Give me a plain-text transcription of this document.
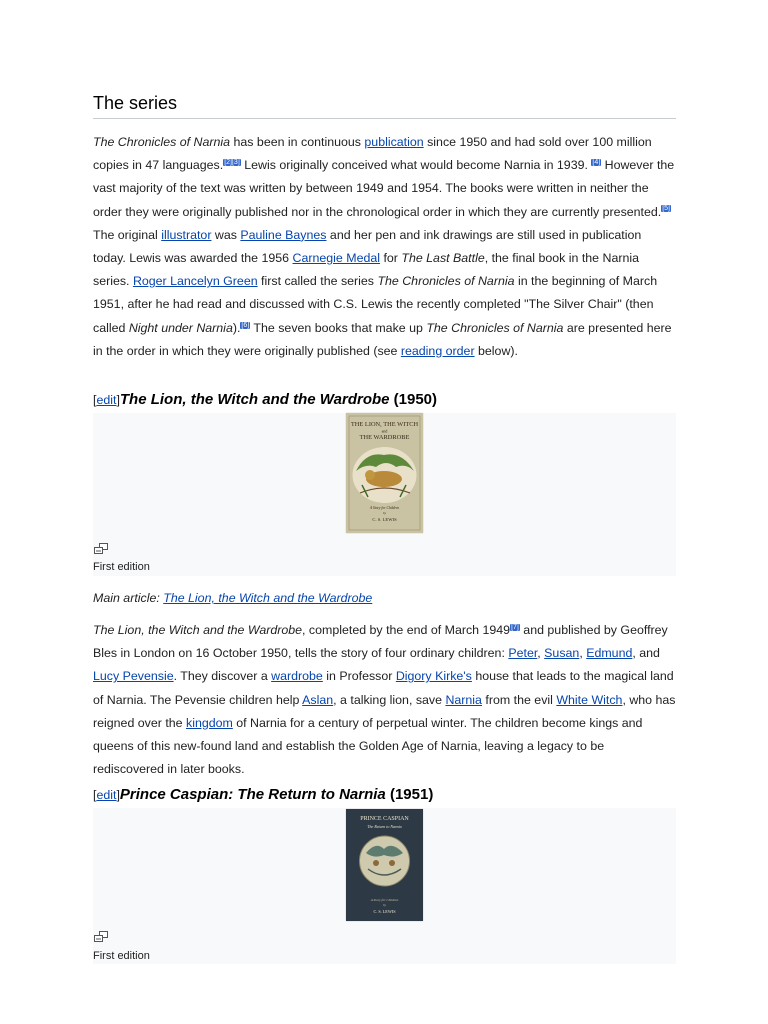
The series

The Chronicles of Narnia has been in continuous publication since 1950 and had sold over 100 million copies in 47 languages.[2][3] Lewis originally conceived what would become Narnia in 1939. [4] However the vast majority of the text was written by between 1949 and 1954. The books were written in neither the order they were originally published nor in the chronological order in which they are currently presented.[5] The original illustrator was Pauline Baynes and her pen and ink drawings are still used in publication today. Lewis was awarded the 1956 Carnegie Medal for The Last Battle, the final book in the Narnia series. Roger Lancelyn Green first called the series The Chronicles of Narnia in the beginning of March 1951, after he had read and discussed with C.S. Lewis the recently completed "The Silver Chair" (then called Night under Narnia).[6] The seven books that make up The Chronicles of Narnia are presented here in the order in which they were originally published (see reading order below).

[edit]The Lion, the Witch and the Wardrobe (1950)
THE LION, THE WITCH
and
THE WARDROBE
A Story for Children
by
C. S. LEWIS
First edition
Main article: The Lion, the Witch and the Wardrobe

The Lion, the Witch and the Wardrobe, completed by the end of March 1949[7] and published by Geoffrey Bles in London on 16 October 1950, tells the story of four ordinary children: Peter, Susan, Edmund, and Lucy Pevensie. They discover a wardrobe in Professor Digory Kirke's house that leads to the magical land of Narnia. The Pevensie children help Aslan, a talking lion, save Narnia from the evil White Witch, who has reigned over the kingdom of Narnia for a century of perpetual winter. The children become kings and queens of this new-found land and establish the Golden Age of Narnia, leaving a legacy to be rediscovered in later books.

[edit]Prince Caspian: The Return to Narnia (1951)
PRINCE CASPIAN
The Return to Narnia
A Story for Children
by
C. S. LEWIS
First edition
